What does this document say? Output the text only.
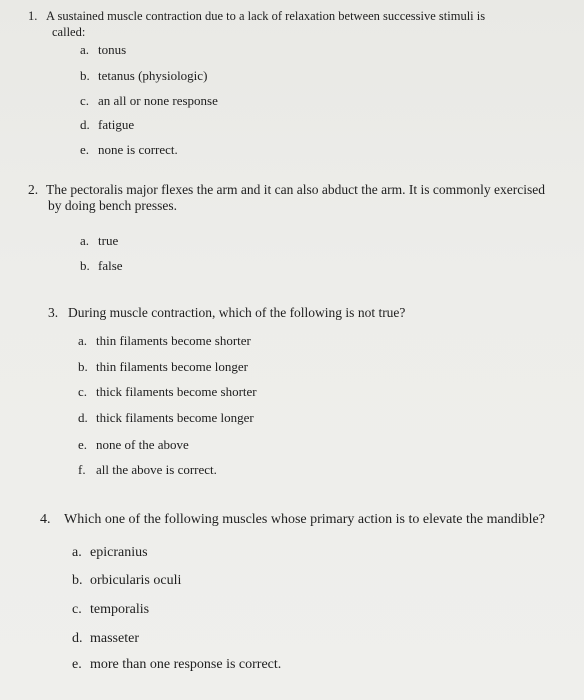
1. A sustained muscle contraction due to a lack of relaxation between successive stimuli is
called:
a. tonus
b. tetanus (physiologic)
c. an all or none response
d. fatigue
e. none is correct.
2. The pectoralis major flexes the arm and it can also abduct the arm. It is commonly exercised
by doing bench presses.
a. true
b. false
3. During muscle contraction, which of the following is not true?
a. thin filaments become shorter
b. thin filaments become longer
c. thick filaments become shorter
d. thick filaments become longer
e. none of the above
f. all the above is correct.
4. Which one of the following muscles whose primary action is to elevate the mandible?
a. epicranius
b. orbicularis oculi
c. temporalis
d. masseter
e. more than one response is correct.
